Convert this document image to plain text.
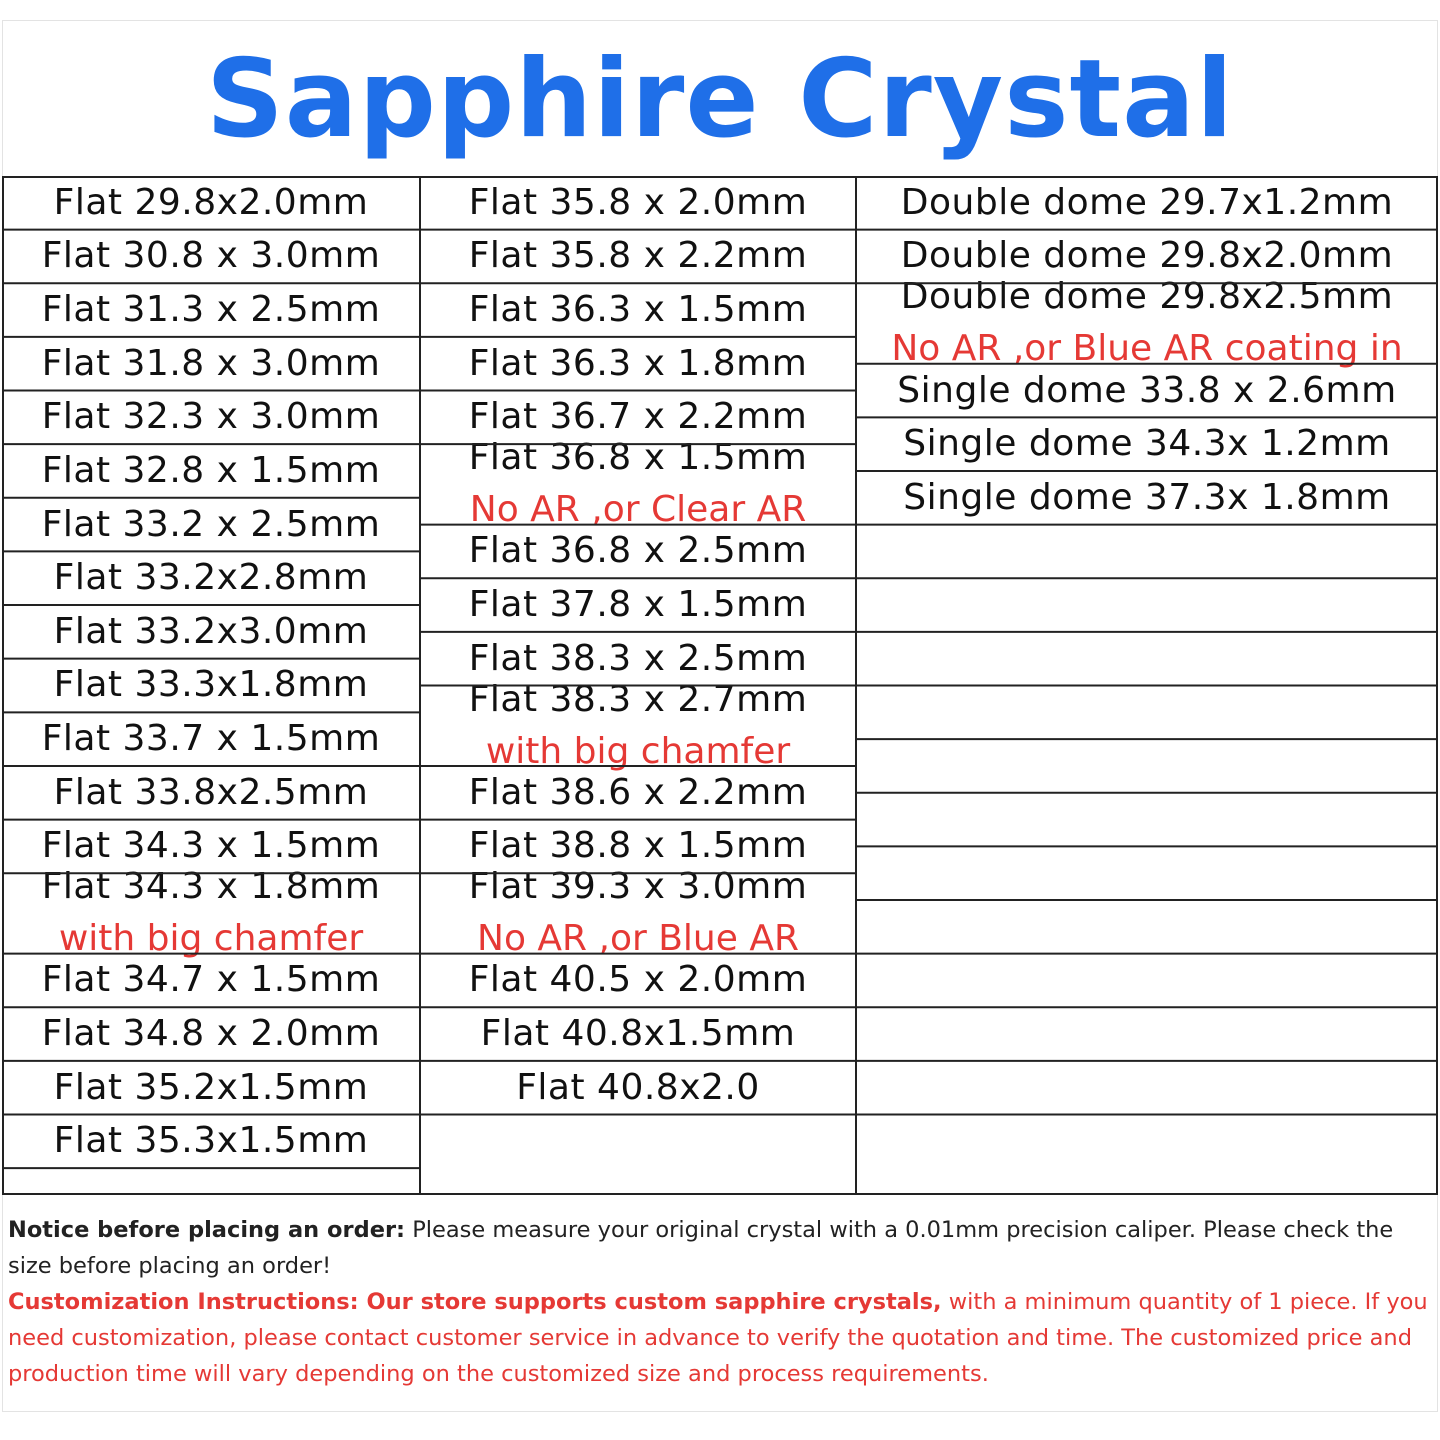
Sapphire Crystal
Flat 29.8x2.0mm
Flat 30.8 x 3.0mm
Flat 31.3 x 2.5mm
Flat 31.8 x 3.0mm
Flat 32.3 x 3.0mm
Flat 32.8 x 1.5mm
Flat 33.2 x 2.5mm
Flat 33.2x2.8mm
Flat 33.2x3.0mm
Flat 33.3x1.8mm
Flat 33.7 x 1.5mm
Flat 33.8x2.5mm
Flat 34.3 x 1.5mm
Flat 34.3 x 1.8mm
with big chamfer
Flat 34.7 x 1.5mm
Flat 34.8 x 2.0mm
Flat 35.2x1.5mm
Flat 35.3x1.5mm
Flat 35.8 x 2.0mm
Flat 35.8 x 2.2mm
Flat 36.3 x 1.5mm
Flat 36.3 x 1.8mm
Flat 36.7 x 2.2mm
Flat 36.8 x 1.5mm
No AR ,or Clear AR
Flat 36.8 x 2.5mm
Flat 37.8 x 1.5mm
Flat 38.3 x 2.5mm
Flat 38.3 x 2.7mm
with big chamfer
Flat 38.6 x 2.2mm
Flat 38.8 x 1.5mm
Flat 39.3 x 3.0mm
No AR ,or Blue AR
Flat 40.5 x 2.0mm
Flat 40.8x1.5mm
Flat 40.8x2.0
Double dome 29.7x1.2mm
Double dome 29.8x2.0mm
Double dome 29.8x2.5mm
No AR ,or Blue AR coating in
Single dome 33.8 x 2.6mm
Single dome 34.3x 1.2mm
Single dome 37.3x 1.8mm
Notice before placing an order: Please measure your original crystal with a 0.01mm precision caliper. Please check the size before placing an order!
Customization Instructions: Our store supports custom sapphire crystals, with a minimum quantity of 1 piece. If you need customization, please contact customer service in advance to verify the quotation and time. The customized price and production time will vary depending on the customized size and process requirements.
